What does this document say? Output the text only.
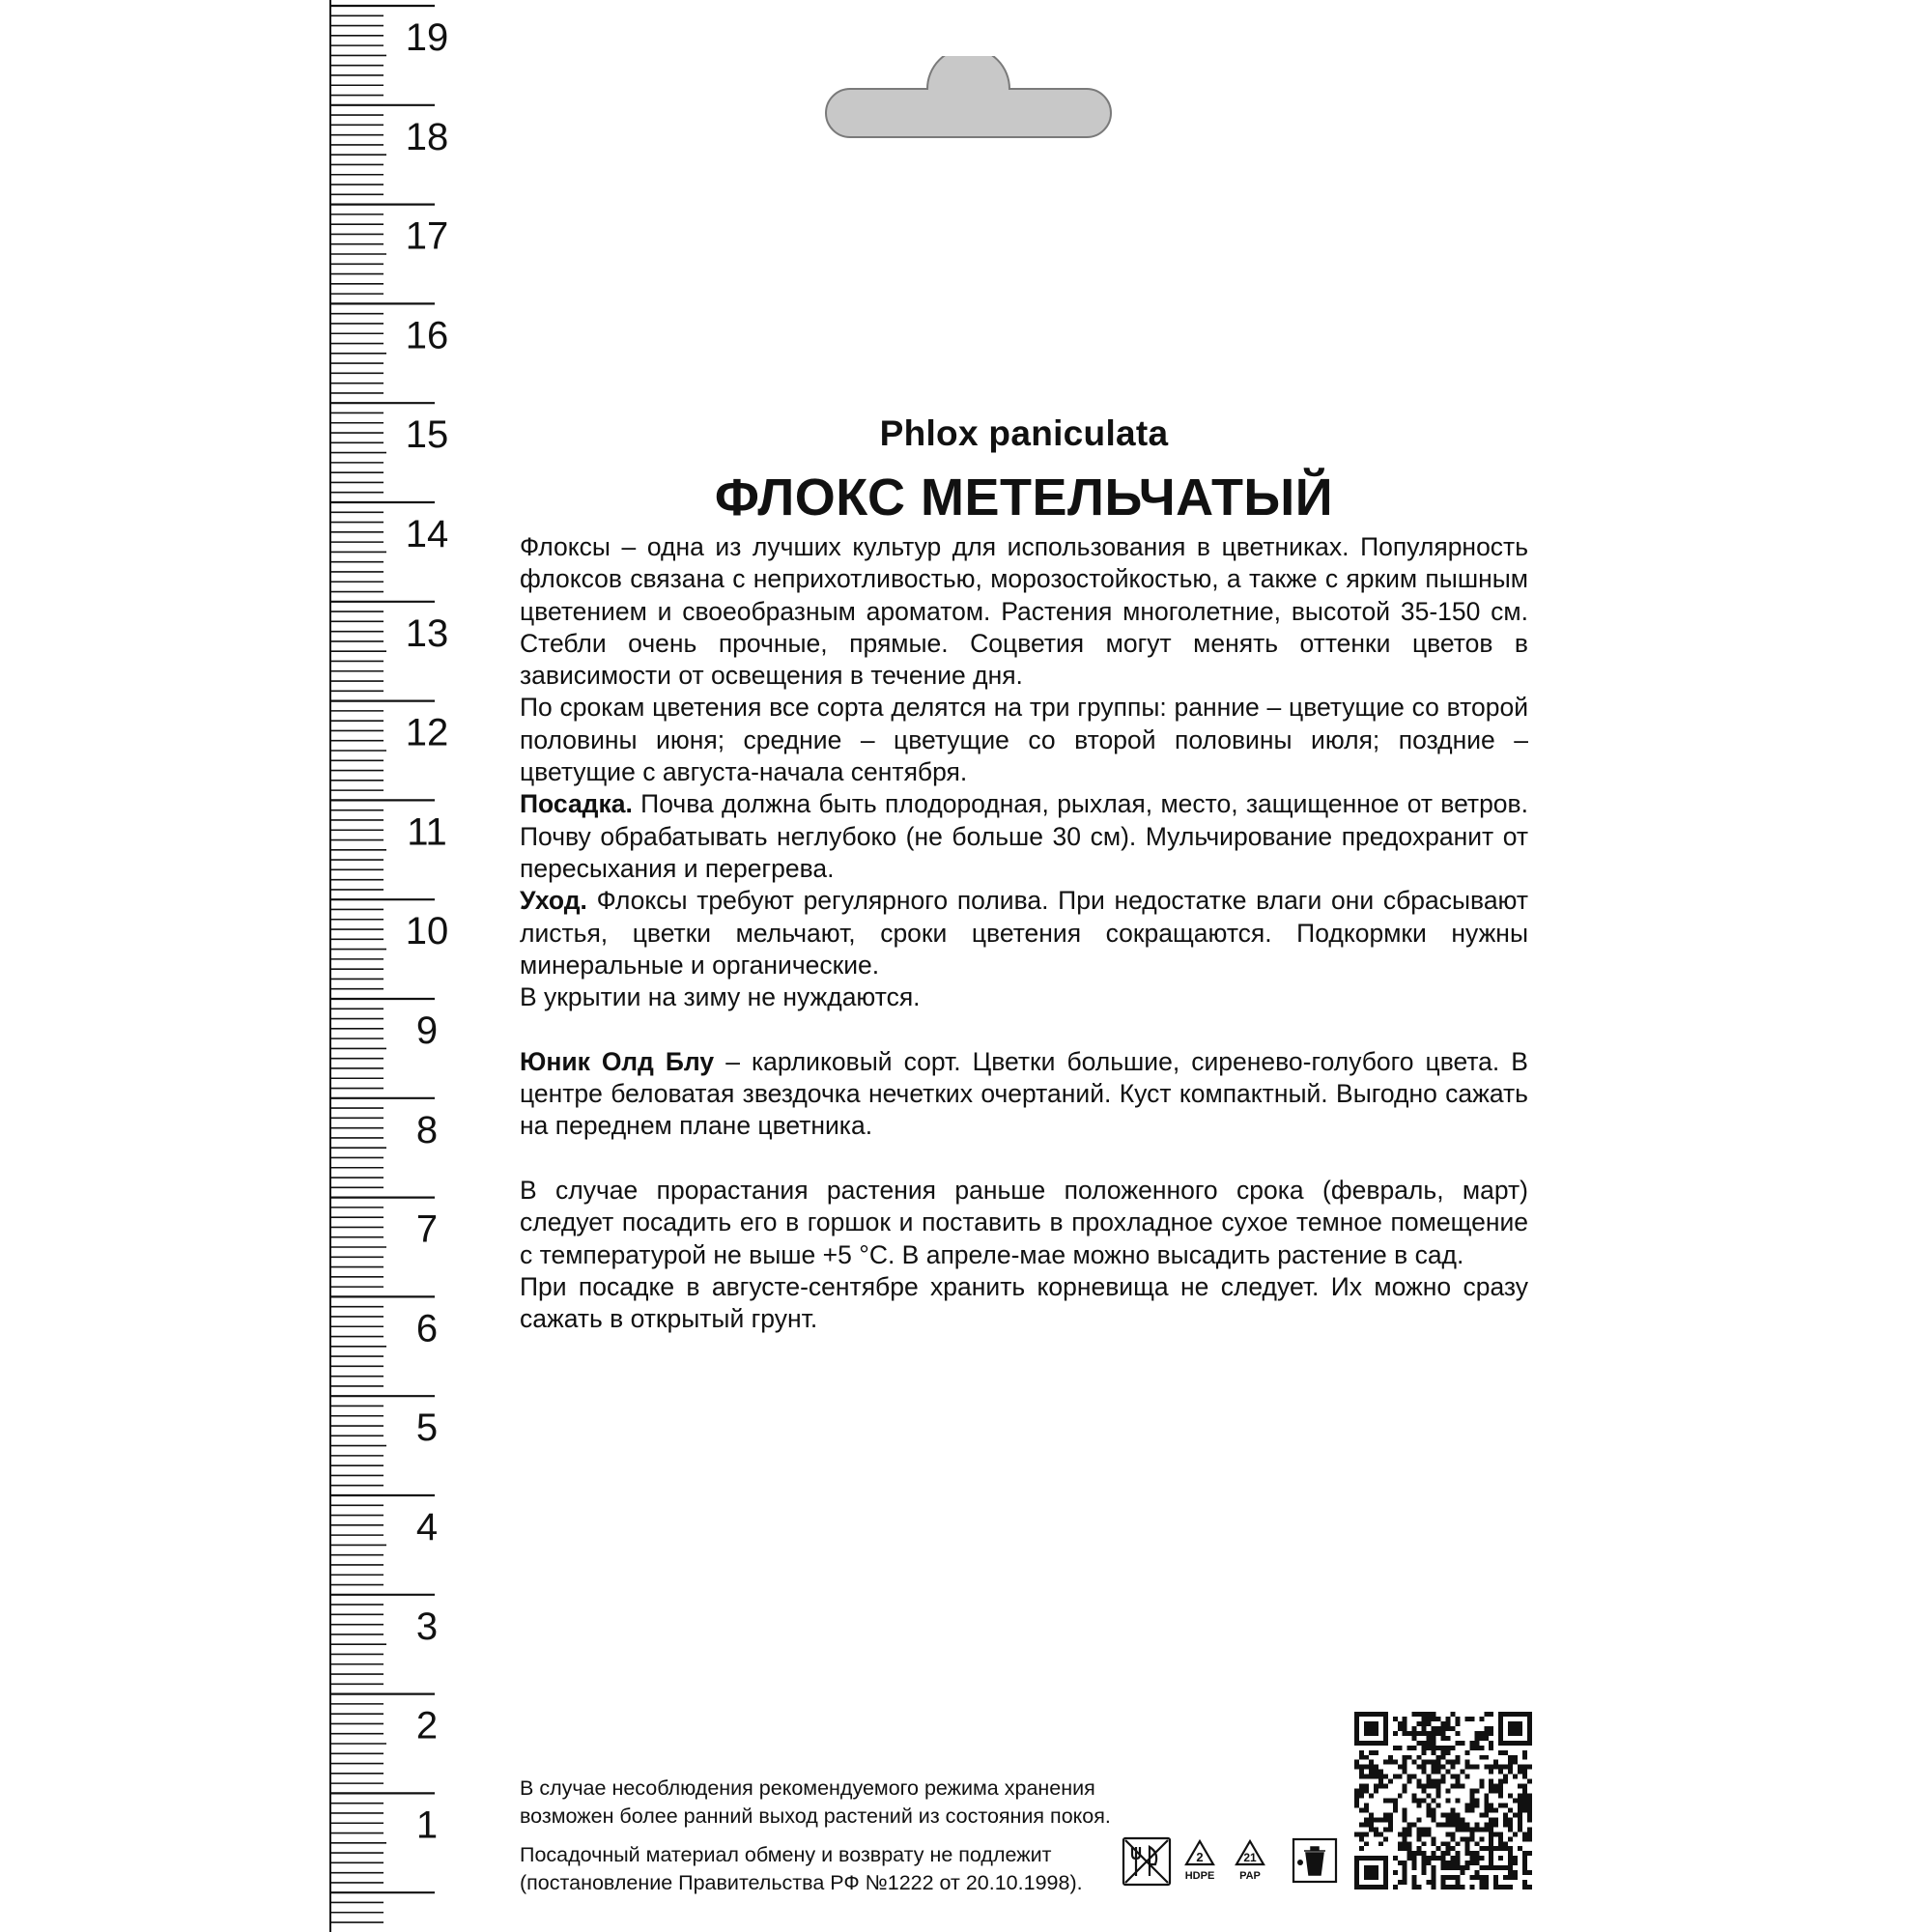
19
18
17
16
15
14
13
12
11
10
9
8
7
6
5
4
3
2
1
Phlox paniculata
ФЛОКС МЕТЕЛЬЧАТЫЙ

Флоксы – одна из лучших культур для использования в цветниках. Популярность флоксов связана с неприхотливостью, морозостойкостью, а также с ярким пышным цветением и своеобразным ароматом. Растения многолетние, высотой 35-150 см. Стебли очень прочные, прямые. Соцветия могут менять оттенки цветов в зависимости от освещения в течение дня.

По срокам цветения все сорта делятся на три группы: ранние – цветущие со второй половины июня; средние – цветущие со второй половины июля; поздние – цветущие с августа-начала сентября.

Посадка. Почва должна быть плодородная, рыхлая, место, защищенное от ветров. Почву обрабатывать неглубоко (не больше 30 см). Мульчирование предохранит от пересыхания и перегрева.

Уход. Флоксы требуют регулярного полива. При недостатке влаги они сбрасывают листья, цветки мельчают, сроки цветения сокращаются. Подкормки нужны минеральные и органические.

В укрытии на зиму не нуждаются.

Юник Олд Блу – карликовый сорт. Цветки большие, сиренево-голубого цвета. В центре беловатая звездочка нечетких очертаний. Куст компактный. Выгодно сажать на переднем плане цветника.

В случае прорастания растения раньше положенного срока (февраль, март) следует посадить его в горшок и поставить в прохладное сухое темное помещение с температурой не выше +5 °С. В апреле-мае можно высадить растение в сад.

При посадке в августе-сентябре хранить корневища не следует. Их можно сразу сажать в открытый грунт.

В случае несоблюдения рекомендуемого режима хранения
возможен более ранний выход растений из состояния покоя.
Посадочный материал обмену и возврату не подлежит
(постановление Правительства РФ №1222 от 20.10.1998).
2
HDPE
21
PAP
